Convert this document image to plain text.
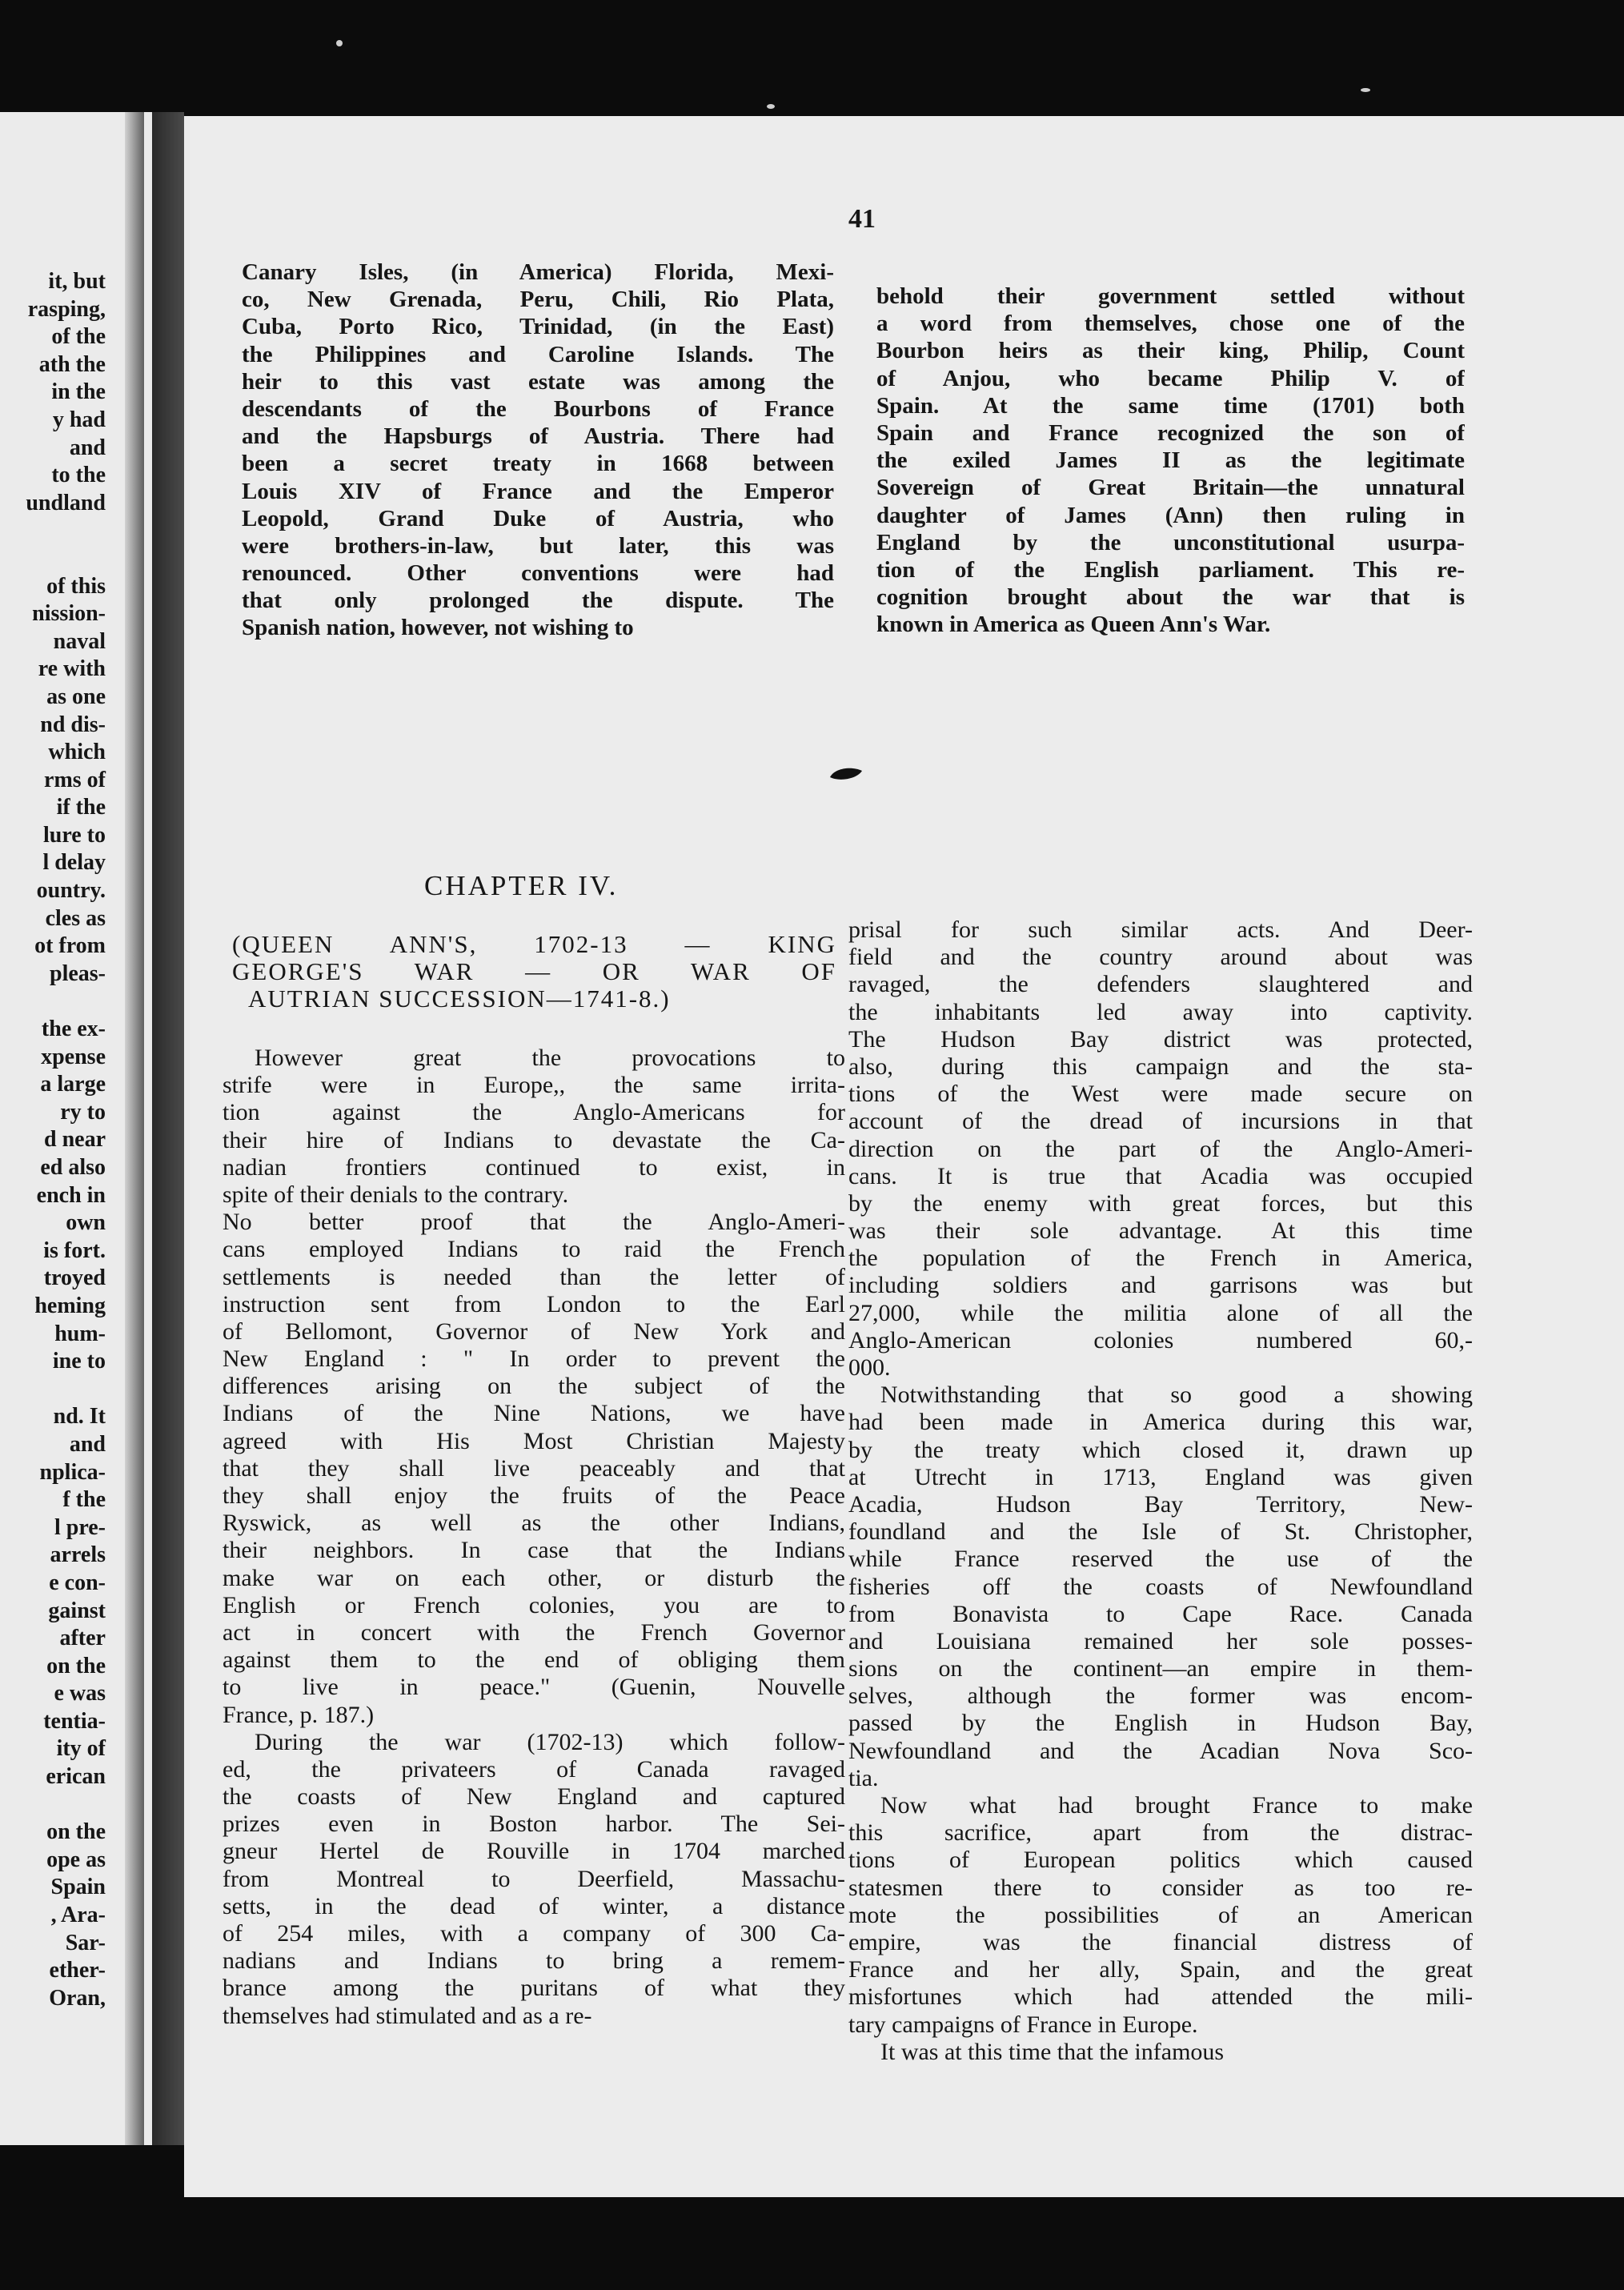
it, but
rasping,
of the
ath the
in the
y had
and
to the
undland
of this
nission-
naval
re with
as one
nd dis-
which
rms of
if the
lure to
l delay
ountry.
cles as
ot from
pleas-
the ex-
xpense
a large
ry to
d near
ed also
ench in
own
is fort.
troyed
heming
hum-
ine to
nd. It
and
nplica-
f the
l pre-
arrels
e con-
gainst
after
on the
e was
tentia-
ity of
erican
on the
ope as
Spain
, Ara-
Sar-
ether-
Oran,
41
Canary Isles, (in America) Florida, Mexi-
co, New Grenada, Peru, Chili, Rio Plata,
Cuba, Porto Rico, Trinidad, (in the East)
the Philippines and Caroline Islands. The
heir to this vast estate was among the
descendants of the Bourbons of France
and the Hapsburgs of Austria. There had
been a secret treaty in 1668 between
Louis XIV of France and the Emperor
Leopold, Grand Duke of Austria, who
were brothers-in-law, but later, this was
renounced. Other conventions were had
that only prolonged the dispute. The
Spanish nation, however, not wishing to
behold their government settled without
a word from themselves, chose one of the
Bourbon heirs as their king, Philip, Count
of Anjou, who became Philip V. of
Spain. At the same time (1701) both
Spain and France recognized the son of
the exiled James II as the legitimate
Sovereign of Great Britain—the unnatural
daughter of James (Ann) then ruling in
England by the unconstitutional usurpa-
tion of the English parliament. This re-
cognition brought about the war that is
known in America as Queen Ann's War.
CHAPTER IV.
(QUEEN ANN'S, 1702-13 — KING
GEORGE'S WAR — OR WAR OF
AUTRIAN SUCCESSION—1741-8.)
However great the provocations to
strife were in Europe,, the same irrita-
tion against the Anglo-Americans for
their hire of Indians to devastate the Ca-
nadian frontiers continued to exist, in
spite of their denials to the contrary.
No better proof that the Anglo-Ameri-
cans employed Indians to raid the French
settlements is needed than the letter of
instruction sent from London to the Earl
of Bellomont, Governor of New York and
New England : " In order to prevent the
differences arising on the subject of the
Indians of the Nine Nations, we have
agreed with His Most Christian Majesty
that they shall live peaceably and that
they shall enjoy the fruits of the Peace
Ryswick, as well as the other Indians,
their neighbors. In case that the Indians
make war on each other, or disturb the
English or French colonies, you are to
act in concert with the French Governor
against them to the end of obliging them
to live in peace." (Guenin, Nouvelle
France, p. 187.)
During the war (1702-13) which follow-
ed, the privateers of Canada ravaged
the coasts of New England and captured
prizes even in Boston harbor. The Sei-
gneur Hertel de Rouville in 1704 marched
from Montreal to Deerfield, Massachu-
setts, in the dead of winter, a distance
of 254 miles, with a company of 300 Ca-
nadians and Indians to bring a remem-
brance among the puritans of what they
themselves had stimulated and as a re-
prisal for such similar acts. And Deer-
field and the country around about was
ravaged, the defenders slaughtered and
the inhabitants led away into captivity.
The Hudson Bay district was protected,
also, during this campaign and the sta-
tions of the West were made secure on
account of the dread of incursions in that
direction on the part of the Anglo-Ameri-
cans. It is true that Acadia was occupied
by the enemy with great forces, but this
was their sole advantage. At this time
the population of the French in America,
including soldiers and garrisons was but
27,000, while the militia alone of all the
Anglo-American colonies numbered 60,-
000.
Notwithstanding that so good a showing
had been made in America during this war,
by the treaty which closed it, drawn up
at Utrecht in 1713, England was given
Acadia, Hudson Bay Territory, New-
foundland and the Isle of St. Christopher,
while France reserved the use of the
fisheries off the coasts of Newfoundland
from Bonavista to Cape Race. Canada
and Louisiana remained her sole posses-
sions on the continent—an empire in them-
selves, although the former was encom-
passed by the English in Hudson Bay,
Newfoundland and the Acadian Nova Sco-
tia.
Now what had brought France to make
this sacrifice, apart from the distrac-
tions of European politics which caused
statesmen there to consider as too re-
mote the possibilities of an American
empire, was the financial distress of
France and her ally, Spain, and the great
misfortunes which had attended the mili-
tary campaigns of France in Europe.
It was at this time that the infamous
